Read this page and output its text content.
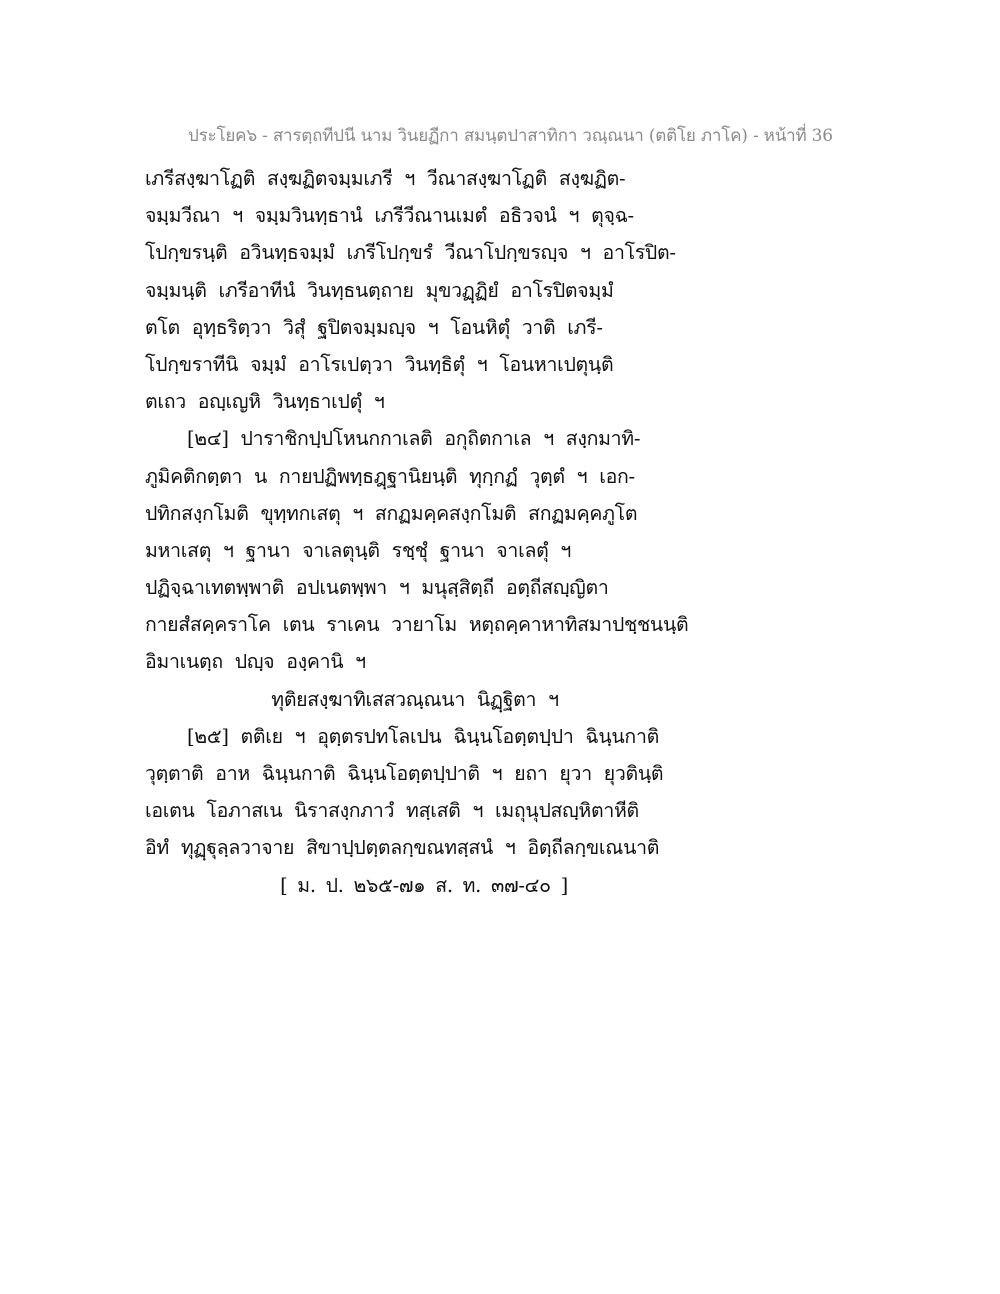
ประโยค๖ - สารตฺถทีปนี นาม วินยฏีกา สมนฺตปาสาทิกา วณฺณนา (ตติโย ภาโค) - หน้าที่ 36
เภรีสงฺฆาโฏติ สงฺฆฏิตจมฺมเภรี ฯ วีณาสงฺฆาโฏติ สงฺฆฏิต-
จมฺมวีณา ฯ จมฺมวินทฺธานํ เภรีวีณานเมตํ อธิวจนํ ฯ ตุจฺฉ-
โปกฺขรนฺติ อวินทฺธจมฺมํ เภรีโปกฺขรํ วีณาโปกฺขรญฺจ ฯ อาโรปิต-
จมฺมนฺติ เภรีอาทีนํ วินทฺธนตฺถาย มุขวฏฺฏิยํ อาโรปิตจมฺมํ
ตโต อุทฺธริตฺวา วิสุํ ฐปิตจมฺมญฺจ ฯ โอนหิตุํ วาติ เภรี-
โปกฺขราทีนิ จมฺมํ อาโรเปตฺวา วินทฺธิตุํ ฯ โอนหาเปตุนฺติ
ตเถว อญฺเญหิ วินทฺธาเปตุํ ฯ
[๒๔] ปาราชิกปฺปโหนกกาเลติ อกุถิตกาเล ฯ สงฺกมาทิ-
ภูมิคติกตฺตา น กายปฏิพทฺธฎฺฐานิยนฺติ ทุกฺกฏํ วุตฺตํ ฯ เอก-
ปทิกสงฺกโมติ ขุทฺทกเสตุ ฯ สกฏมคฺคสงฺกโมติ สกฏมคฺคภูโต
มหาเสตุ ฯ ฐานา จาเลตุนฺติ รชฺชุํ ฐานา จาเลตุํ ฯ
ปฏิจฺฉาเทตพฺพาติ อปเนตพฺพา ฯ มนุสฺสิตฺถี อตฺถีสญฺญิตา
กายสํสคฺคราโค เตน ราเคน วายาโม หตฺถคฺคาหาทิสมาปชฺชนนฺติ
อิมาเนตฺถ ปญฺจ องฺคานิ ฯ
ทุติยสงฺฆาทิเสสวณฺณนา นิฏฺฐิตา ฯ
[๒๕] ตติเย ฯ อุตฺตรปทโลเปน ฉินฺนโอตฺตปฺปา ฉินฺนกาติ
วุตฺตาติ อาห ฉินฺนกาติ ฉินฺนโอตฺตปฺปาติ ฯ ยถา ยุวา ยุวตินฺติ
เอเตน โอภาสเน นิราสงฺกภาวํ ทสฺเสติ ฯ เมถุนุปสญฺหิตาหีติ
อิทํ ทุฏฺฐุลฺลวาจาย สิขาปฺปตฺตลกฺขณทสฺสนํ ฯ อิตฺถีลกฺขเณนาติ
[ ม. ป. ๒๖๕-๗๑ ส. ท. ๓๗-๔๐ ]
